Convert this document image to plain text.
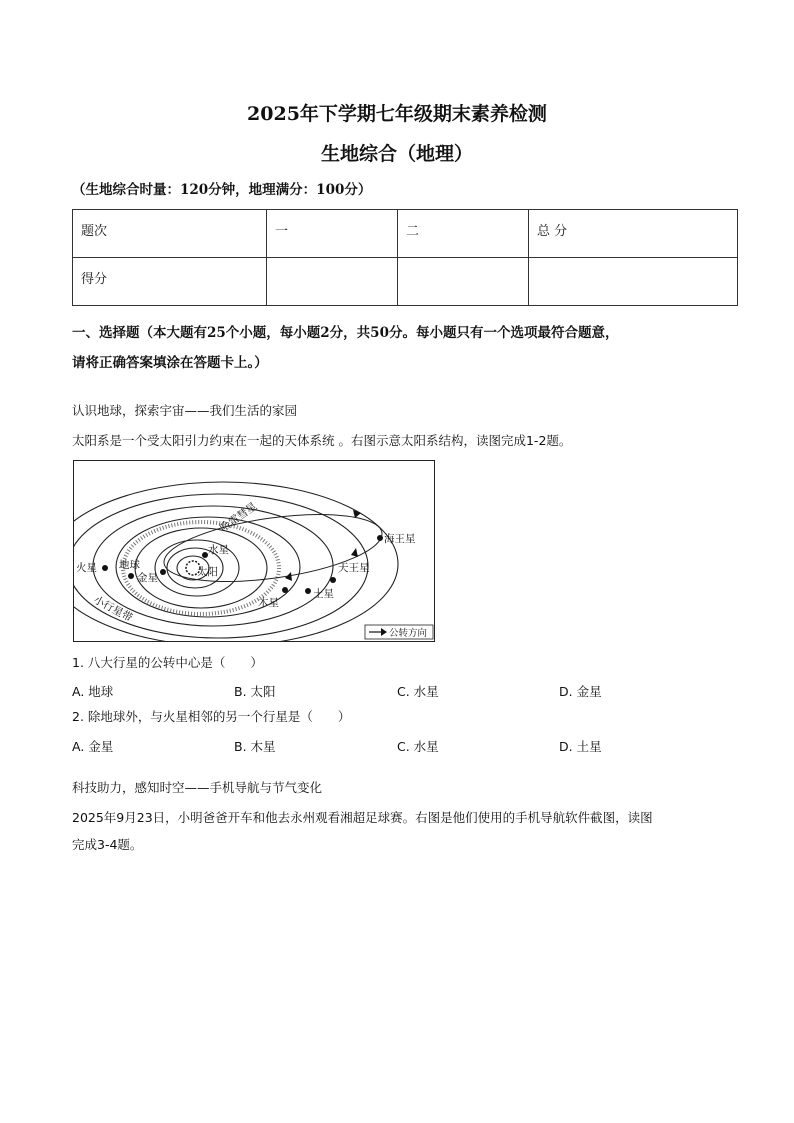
2025年下学期七年级期末素养检测
生地综合（地理）
（生地综合时量：120分钟，地理满分：100分）
题次	一	二	总 分
得分			
一、选择题（本大题有25个小题，每小题2分，共50分。每小题只有一个选项最符合题意，
请将正确答案填涂在答题卡上。）
认识地球，探索宇宙——我们生活的家园
太阳系是一个受太阳引力约束在一起的天体系统 。右图示意太阳系结构，读图完成1-2题。
太阳
水星
金星
地球
火星
木星
土星
天王星
海王星
小行星带
哈雷彗星
公转方向
1. 八大行星的公转中心是（　　）
A. 地球	B. 太阳	C. 水星	D. 金星
2. 除地球外，与火星相邻的另一个行星是（　　）
A. 金星	B. 木星	C. 水星	D. 土星
科技助力，感知时空——手机导航与节气变化
2025年9月23日，小明爸爸开车和他去永州观看湘超足球赛。右图是他们使用的手机导航软件截图，读图
完成3-4题。
